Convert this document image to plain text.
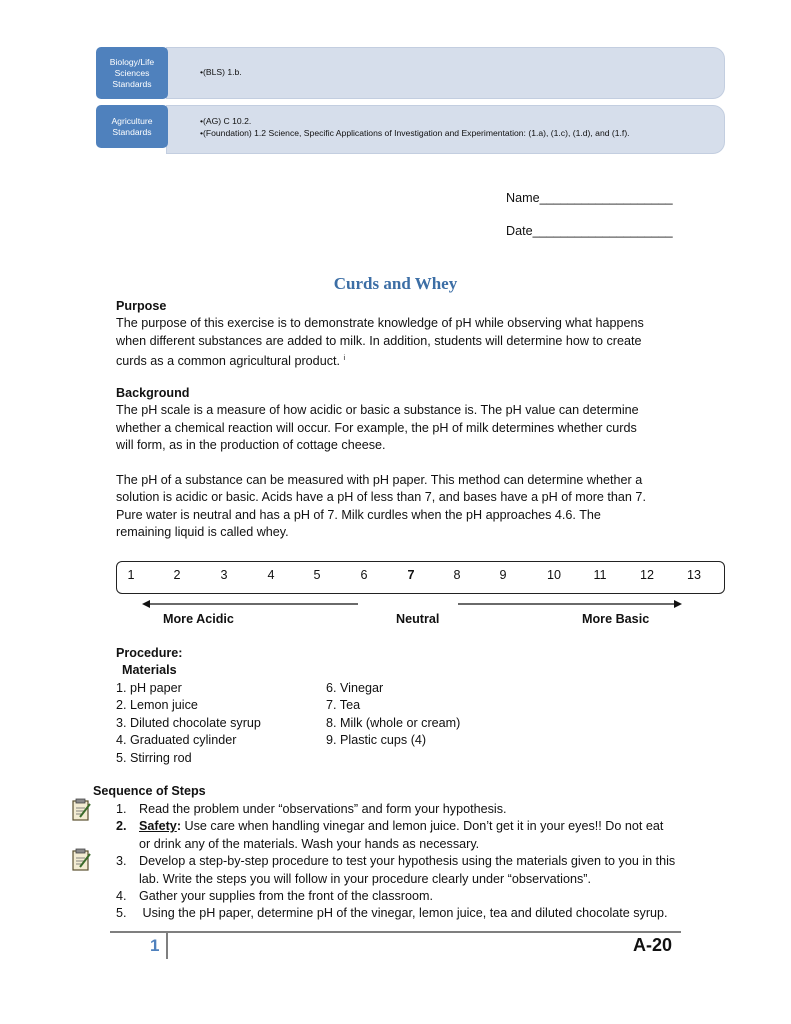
Biology/Life Sciences Standards
•(BLS) 1.b.
Agriculture Standards
•(AG) C 10.2.
•(Foundation) 1.2 Science, Specific Applications of Investigation and Experimentation: (1.a), (1.c), (1.d), and (1.f).
Name___________________
Date____________________
Curds and Whey
Purpose
The purpose of this exercise is to demonstrate knowledge of pH while observing what happens
when different substances are added to milk. In addition, students will determine how to create
curds as a common agricultural product. $^i$
Background
The pH scale is a measure of how acidic or basic a substance is. The pH value can determine
whether a chemical reaction will occur. For example, the pH of milk determines whether curds
will form, as in the production of cottage cheese.
The pH of a substance can be measured with pH paper. This method can determine whether a
solution is acidic or basic. Acids have a pH of less than 7, and bases have a pH of more than 7.
Pure water is neutral and has a pH of 7. Milk curdles when the pH approaches 4.6. The
remaining liquid is called whey.
1	2	3	4	5	6	7	8	9	10	11	12	13
More Acidic	Neutral	More Basic
Procedure:
Materials
1. pH paper
2. Lemon juice
3. Diluted chocolate syrup
4. Graduated cylinder
5. Stirring rod
6. Vinegar
7. Tea
8. Milk (whole or cream)
9. Plastic cups (4)
Sequence of Steps
1. Read the problem under “observations” and form your hypothesis.
2. Safety: Use care when handling vinegar and lemon juice. Don’t get it in your eyes!! Do not eat
or drink any of the materials. Wash your hands as necessary.
3. Develop a step-by-step procedure to test your hypothesis using the materials given to you in this
lab. Write the steps you will follow in your procedure clearly under “observations”.
4. Gather your supplies from the front of the classroom.
5. Using the pH paper, determine pH of the vinegar, lemon juice, tea and diluted chocolate syrup.
1	A-20
